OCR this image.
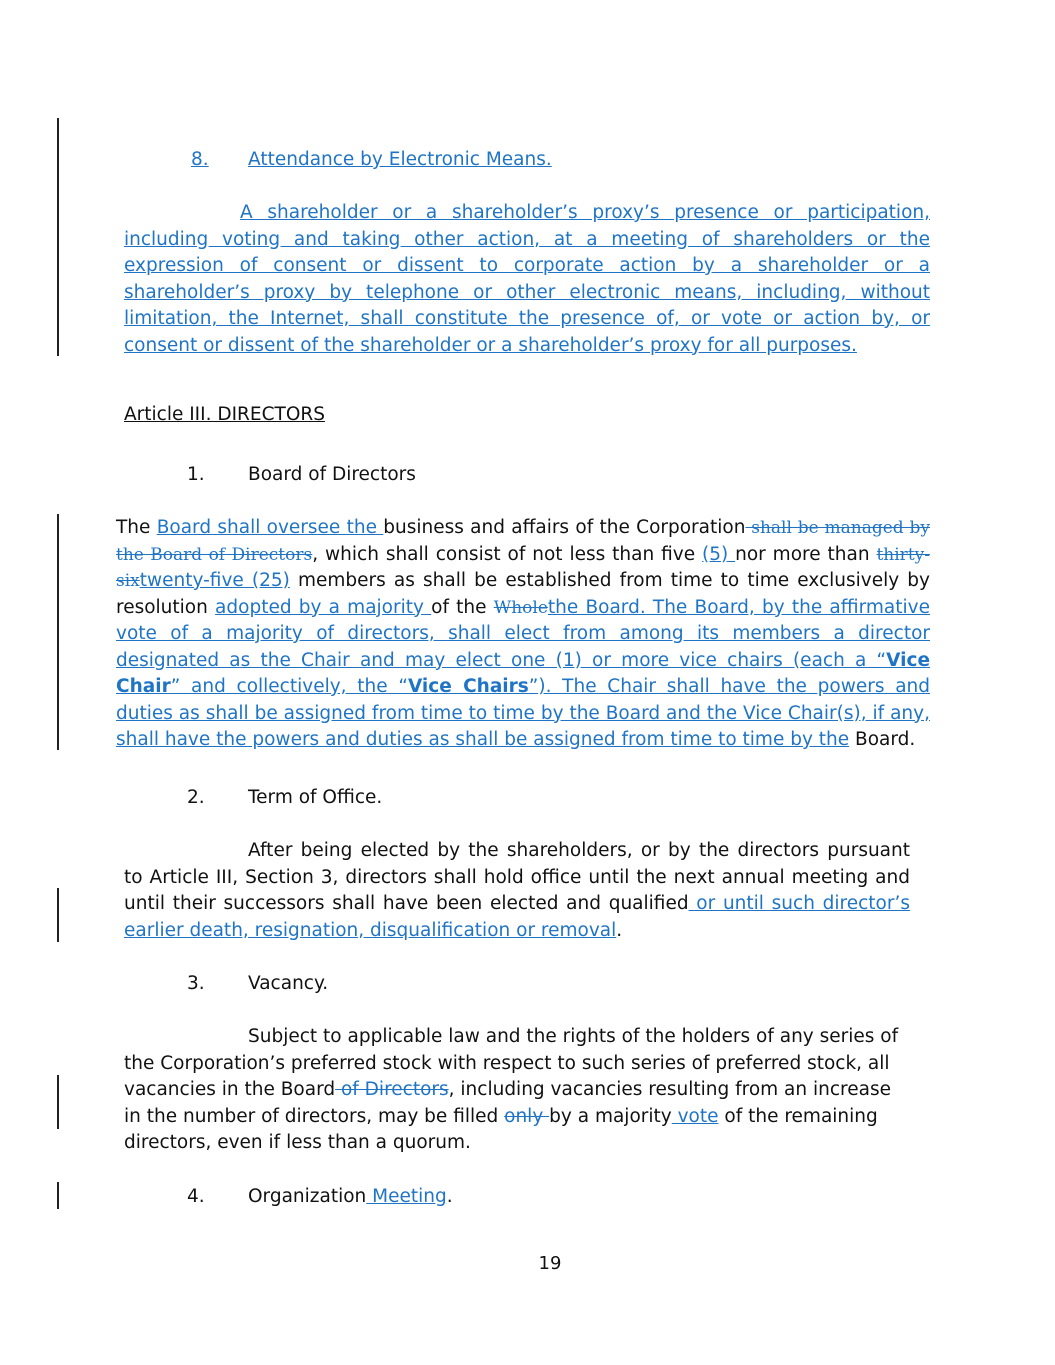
8. Attendance by Electronic Means.
A shareholder or a shareholder’s proxy’s presence or participation, including voting and taking other action, at a meeting of shareholders or the expression of consent or dissent to corporate action by a shareholder or a shareholder’s proxy by telephone or other electronic means, including, without limitation, the Internet, shall constitute the presence of, or vote or action by, or consent or dissent of the shareholder or a shareholder’s proxy for all purposes.
Article III. DIRECTORS
1. Board of Directors
The Board shall oversee the business and affairs of the Corporation shall be managed by the Board of Directors, which shall consist of not less than five (5) nor more than thirty-sixtwenty-five (25) members as shall be established from time to time exclusively by resolution adopted by a majority of the Wholethe Board. The Board, by the affirmative vote of a majority of directors, shall elect from among its members a director designated as the Chair and may elect one (1) or more vice chairs (each a “Vice Chair” and collectively, the “Vice Chairs”). The Chair shall have the powers and duties as shall be assigned from time to time by the Board and the Vice Chair(s), if any, shall have the powers and duties as shall be assigned from time to time by the Board.
2. Term of Office.
After being elected by the shareholders, or by the directors pursuant to Article III, Section 3, directors shall hold office until the next annual meeting and until their successors shall have been elected and qualified or until such director’s earlier death, resignation, disqualification or removal.
3. Vacancy.
Subject to applicable law and the rights of the holders of any series of the Corporation’s preferred stock with respect to such series of preferred stock, all vacancies in the Board of Directors, including vacancies resulting from an increase in the number of directors, may be filled only by a majority vote of the remaining directors, even if less than a quorum.
4. Organization Meeting.
19
